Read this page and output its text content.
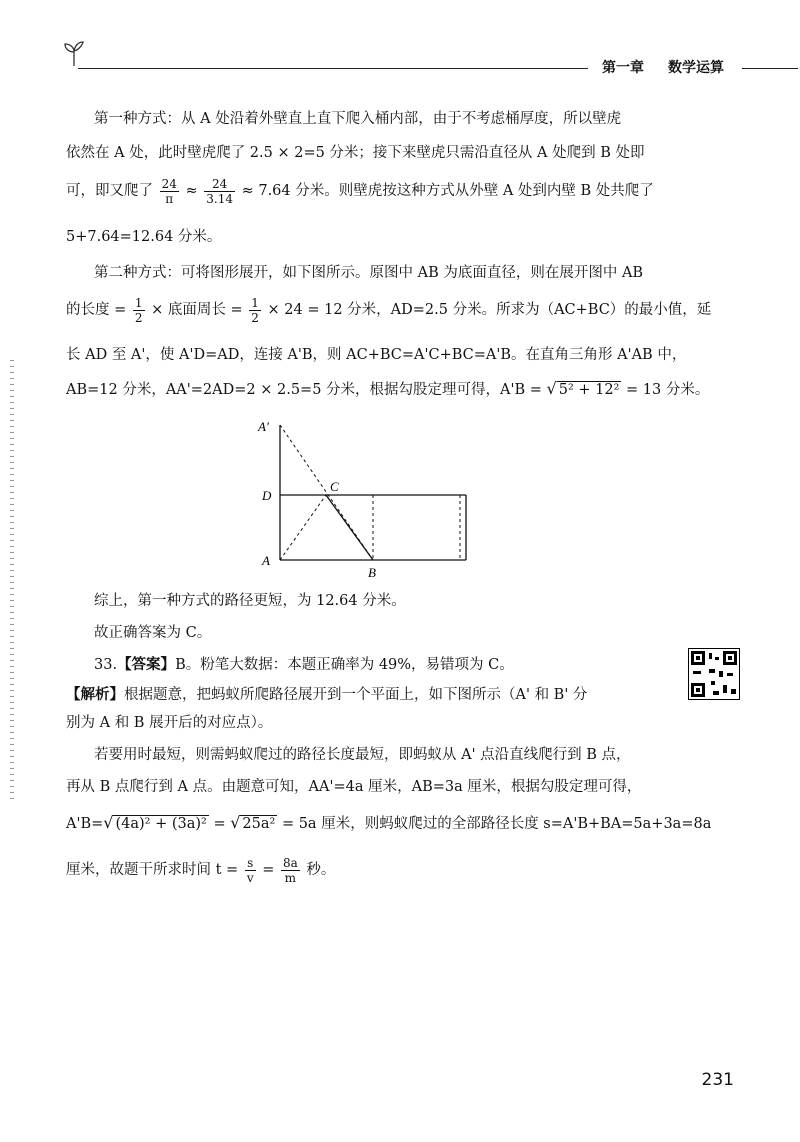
第一章 数学运算
第一种方式：从 A 处沿着外壁直上直下爬入桶内部，由于不考虑桶厚度，所以壁虎
依然在 A 处，此时壁虎爬了 2.5 × 2=5 分米；接下来壁虎只需沿直径从 A 处爬到 B 处即
可，即又爬了 $\frac{24}{\pi} \approx \frac{24}{3.14} \approx 7.64$ 分米。则壁虎按这种方式从外壁 A 处到内壁 B 处共爬了
5+7.64=12.64 分米。
第二种方式：可将图形展开，如下图所示。原图中 AB 为底面直径，则在展开图中 AB
的长度 = $\frac{1}{2}$ × 底面周长 = $\frac{1}{2} \times 24 = 12$ 分米，AD=2.5 分米。所求为（AC+BC）的最小值，延
长 AD 至 A'，使 A'D=AD，连接 A'B，则 AC+BC=A'C+BC=A'B。在直角三角形 A'AB 中，
AB=12 分米，AA'=2AD=2 × 2.5=5 分米，根据勾股定理可得，A'B = √ 5² + 12² = 13 分米。
A'
D
C
A
B
综上，第一种方式的路径更短，为 12.64 分米。
故正确答案为 C。
33.【答案】B。粉笔大数据：本题正确率为 49%，易错项为 C。
【解析】根据题意，把蚂蚁所爬路径展开到一个平面上，如下图所示（A' 和 B' 分
别为 A 和 B 展开后的对应点）。
若要用时最短，则需蚂蚁爬过的路径长度最短，即蚂蚁从 A' 点沿直线爬行到 B 点，
再从 B 点爬行到 A 点。由题意可知，AA'=4a 厘米，AB=3a 厘米，根据勾股定理可得，
A'B=√ (4a)² + (3a)² = √ 25a² = 5a 厘米，则蚂蚁爬过的全部路径长度 s=A'B+BA=5a+3a=8a
厘米，故题干所求时间 $t = \frac{s}{v} = \frac{8a}{m}$ 秒。
231
